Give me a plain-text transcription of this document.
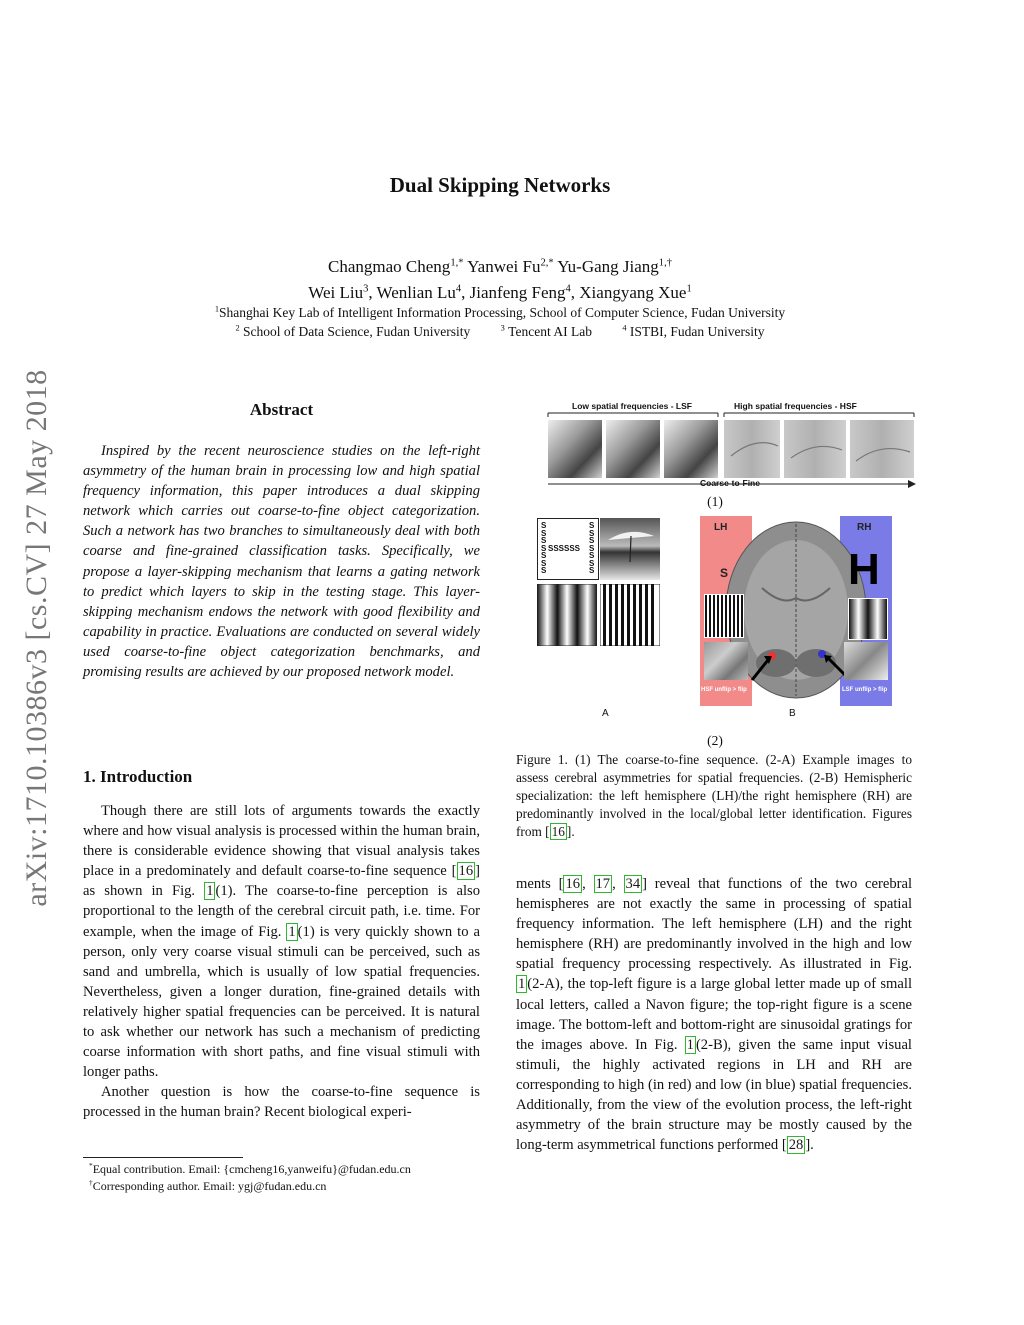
arXiv:1710.10386v3 [cs.CV] 27 May 2018
Dual Skipping Networks
Changmao Cheng$^{1,*}$ Yanwei $Fu^{2,*}$ Yu-Gang Jiang$^{1,\dagger}$
Wei Liu$^3$, Wenlian Lu$^4$, Jianfeng Feng$^4$, Xiangyang Xue$^1$
$^1$Shanghai Key Lab of Intelligent Information Processing, School of Computer Science, Fudan University
$^2$ School of Data Science, Fudan University	$^3$ Tencent AI Lab	$^4$ ISTBI, Fudan University
Abstract

Inspired by the recent neuroscience studies on the left-right asymmetry of the human brain in processing low and high spatial frequency information, this paper introduces a dual skipping network which carries out coarse-to-fine object categorization. Such a network has two branches to simultaneously deal with both coarse and fine-grained classification tasks. Specifically, we propose a layer-skipping mechanism that learns a gating network to predict which layers to skip in the testing stage. This layer-skipping mechanism endows the network with good flexibility and capability in practice. Evaluations are conducted on several widely used coarse-to-fine object categorization benchmarks, and promising results are achieved by our proposed network model.

1. Introduction

Though there are still lots of arguments towards the exactly where and how visual analysis is processed within the human brain, there is considerable evidence showing that visual analysis takes place in a predominately and default coarse-to-fine sequence [ 16 ] as shown in Fig. 1 (1). The coarse-to-fine perception is also proportional to the length of the cerebral circuit path, i.e. time. For example, when the image of Fig. 1 (1) is very quickly shown to a person, only very coarse visual stimuli can be perceived, such as sand and umbrella, which is usually of low spatial frequencies. Nevertheless, given a longer duration, fine-grained details with relatively higher spatial frequencies can be perceived. It is natural to ask whether our network has such a mechanism of predicting coarse information with short paths, and fine visual stimuli with longer paths.

Another question is how the coarse-to-fine sequence is processed in the human brain? Recent biological experi-

*Equal contribution. Email: {cmcheng16,yanweifu}@fudan.edu.cn
†Corresponding author. Email: ygj@fudan.edu.cn
Low spatial frequencies - LSF	High spatial frequencies - HSF
Coarse-to-Fine
(1)
S
S
S
S
S
S
S
S
S
S
S
S
S
S
SSSSSS
A
LH	RH
S	H
HSF unflip > flip	LSF unflip > flip
B
(2)
Figure 1. (1) The coarse-to-fine sequence. (2-A) Example images to assess cerebral asymmetries for spatial frequencies. (2-B) Hemispheric specialization: the left hemisphere (LH)/the right hemisphere (RH) are predominantly involved in the local/global letter identification. Figures from [ 16 ].

ments [ 16 , 17 , 34 ] reveal that functions of the two cerebral hemispheres are not exactly the same in processing of spatial frequency information. The left hemisphere (LH) and the right hemisphere (RH) are predominantly involved in the high and low spatial frequency processing respectively. As illustrated in Fig. 1 (2-A), the top-left figure is a large global letter made up of small local letters, called a Navon figure; the top-right figure is a scene image. The bottom-left and bottom-right are sinusoidal gratings for the images above. In Fig. 1 (2-B), given the same input visual stimuli, the highly activated regions in LH and RH are corresponding to high (in red) and low (in blue) spatial frequencies. Additionally, from the view of the evolution process, the left-right asymmetry of the brain structure may be mostly caused by the long-term asymmetrical functions performed [ 28 ].
